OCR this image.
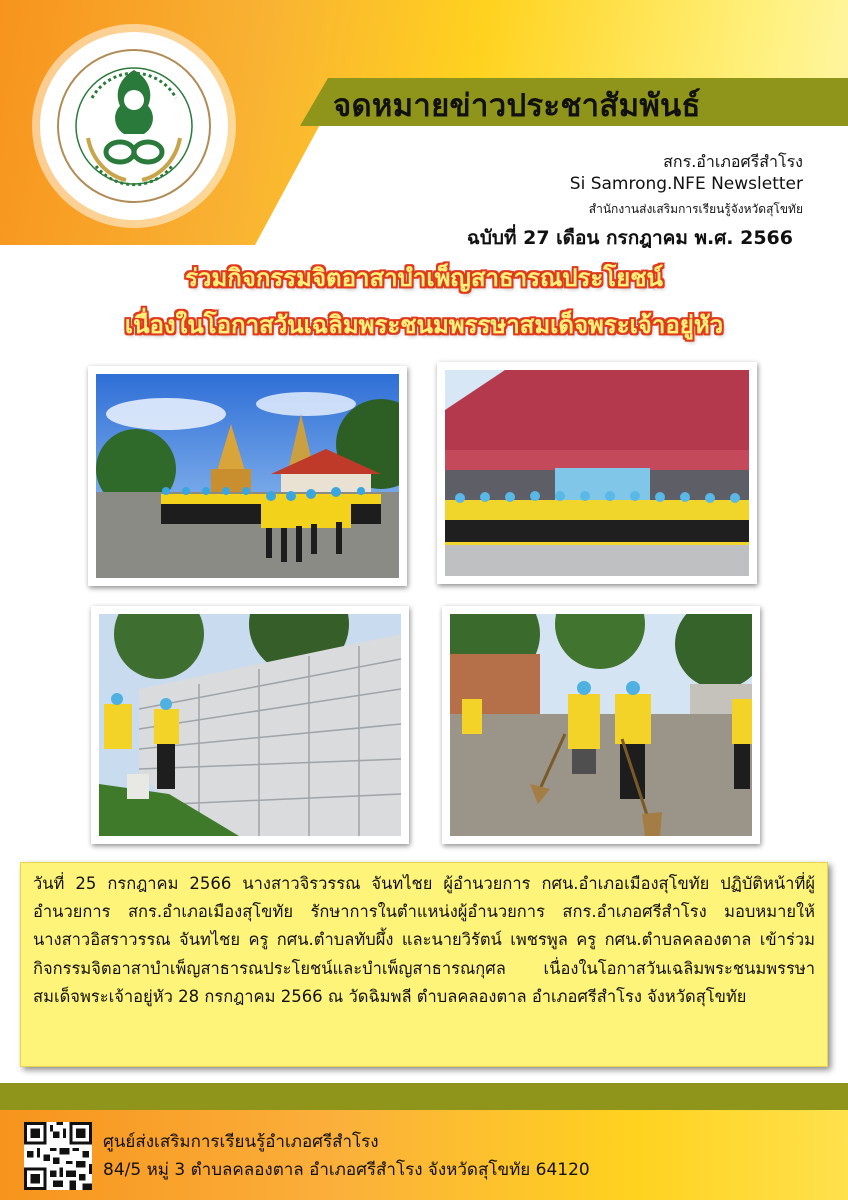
จดหมายข่าวประชาสัมพันธ์
สกร.อำเภอศรีสำโรง
Si Samrong.NFE Newsletter
สำนักงานส่งเสริมการเรียนรู้จังหวัดสุโขทัย
ฉบับที่ 27 เดือน กรกฎาคม พ.ศ. 2566
ร่วมกิจกรรมจิตอาสาบำเพ็ญสาธารณประโยชน์
เนื่องในโอกาสวันเฉลิมพระชนมพรรษาสมเด็จพระเจ้าอยู่หัว

วันที่ 25 กรกฎาคม 2566 นางสาวจิรวรรณ จันทไชย ผู้อำนวยการ กศน.อำเภอเมืองสุโขทัย ปฏิบัติหน้าที่ผู้อำนวยการ สกร.อำเภอเมืองสุโขทัย รักษาการในตำแหน่งผู้อำนวยการ สกร.อำเภอศรีสำโรง มอบหมายให้ นางสาวอิสราวรรณ จันทไชย ครู กศน.ตำบลทับผึ้ง และนายวิรัตน์ เพชรพูล ครู กศน.ตำบลคลองตาล เข้าร่วมกิจกรรมจิตอาสาบำเพ็ญสาธารณประโยชน์และบำเพ็ญสาธารณกุศล เนื่องในโอกาสวันเฉลิมพระชนมพรรษาสมเด็จพระเจ้าอยู่หัว 28 กรกฎาคม 2566 ณ วัดฉิมพลี ตำบลคลองตาล อำเภอศรีสำโรง จังหวัดสุโขทัย

ศูนย์ส่งเสริมการเรียนรู้อำเภอศรีสำโรง
84/5 หมู่ 3 ตำบลคลองตาล อำเภอศรีสำโรง จังหวัดสุโขทัย 64120
